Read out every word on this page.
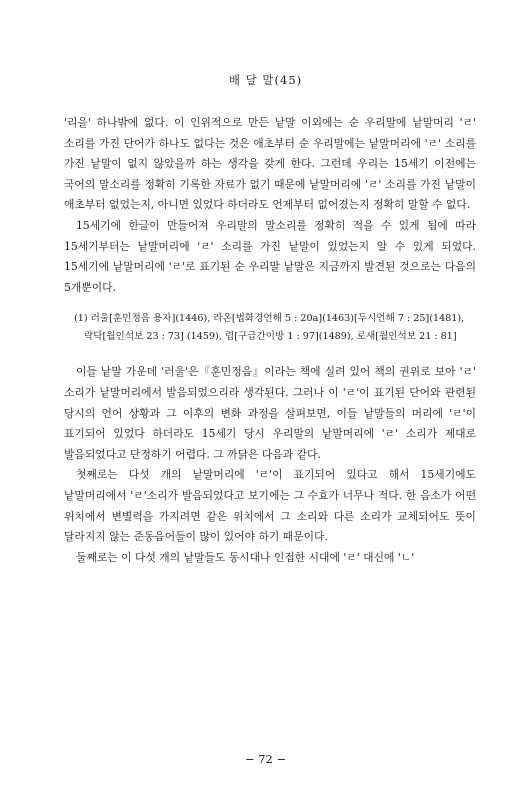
배 달 말(45)

'리을' 하나밖에 없다. 이 인위적으로 만든 낱말 이외에는 순 우리말에 낱말머리 'ㄹ' 소리를 가진 단어가 하나도 없다는 것은 애초부터 순 우리말에는 낱말머리에 'ㄹ' 소리를 가진 낱말이 없지 않았을까 하는 생각을 갖게 한다. 그런데 우리는 15세기 이전에는 국어의 말소리를 정확히 기록한 자료가 없기 때문에 낱말머리에 'ㄹ' 소리를 가진 낱말이 애초부터 없었는지, 아니면 있었다 하더라도 언제부터 없어졌는지 정확히 말할 수 없다.

15세기에 한글이 만들어져 우리말의 말소리를 정확히 적을 수 있게 됨에 따라 15세기부터는 낱말머리에 'ㄹ' 소리를 가진 낱말이 있었는지 알 수 있게 되었다. 15세기에 낱말머리에 'ㄹ'로 표기된 순 우리말 낱말은 지금까지 발견된 것으로는 다음의 5개뿐이다.

(1) 러울[훈민정음 용자](1446), 라온[법화경언해 5 : 20a](1463)[두시언해 7 : 25](1481), 락닥[월인석보 23 : 73] (1459), 렵[구급간이방 1 : 97](1489), 로새[월인석보 21 : 81]

이들 낱말 가운데 '러울'은『훈민정음』이라는 책에 실려 있어 책의 권위로 보아 'ㄹ' 소리가 낱말머리에서 발음되었으리라 생각된다. 그러나 이 'ㄹ'이 표기된 단어와 관련된 당시의 언어 상황과 그 이후의 변화 과정을 살펴보면, 이들 낱말들의 머리에 'ㄹ'이 표기되어 있었다 하더라도 15세기 당시 우리말의 낱말머리에 'ㄹ' 소리가 제대로 발음되었다고 단정하기 어렵다. 그 까닭은 다음과 같다.

첫째로는 다섯 개의 낱말머리에 'ㄹ'이 표기되어 있다고 해서 15세기에도 낱말머리에서 'ㄹ'소리가 발음되었다고 보기에는 그 수효가 너무나 적다. 한 음소가 어떤 위치에서 변별력을 가지려면 같은 위치에서 그 소리와 다른 소리가 교체되어도 뜻이 달라지지 않는 준동음어들이 많이 있어야 하기 때문이다.

둘째로는 이 다섯 개의 낱말들도 동시대나 인접한 시대에 'ㄹ' 대신에 'ㄴ'

− 72 −
